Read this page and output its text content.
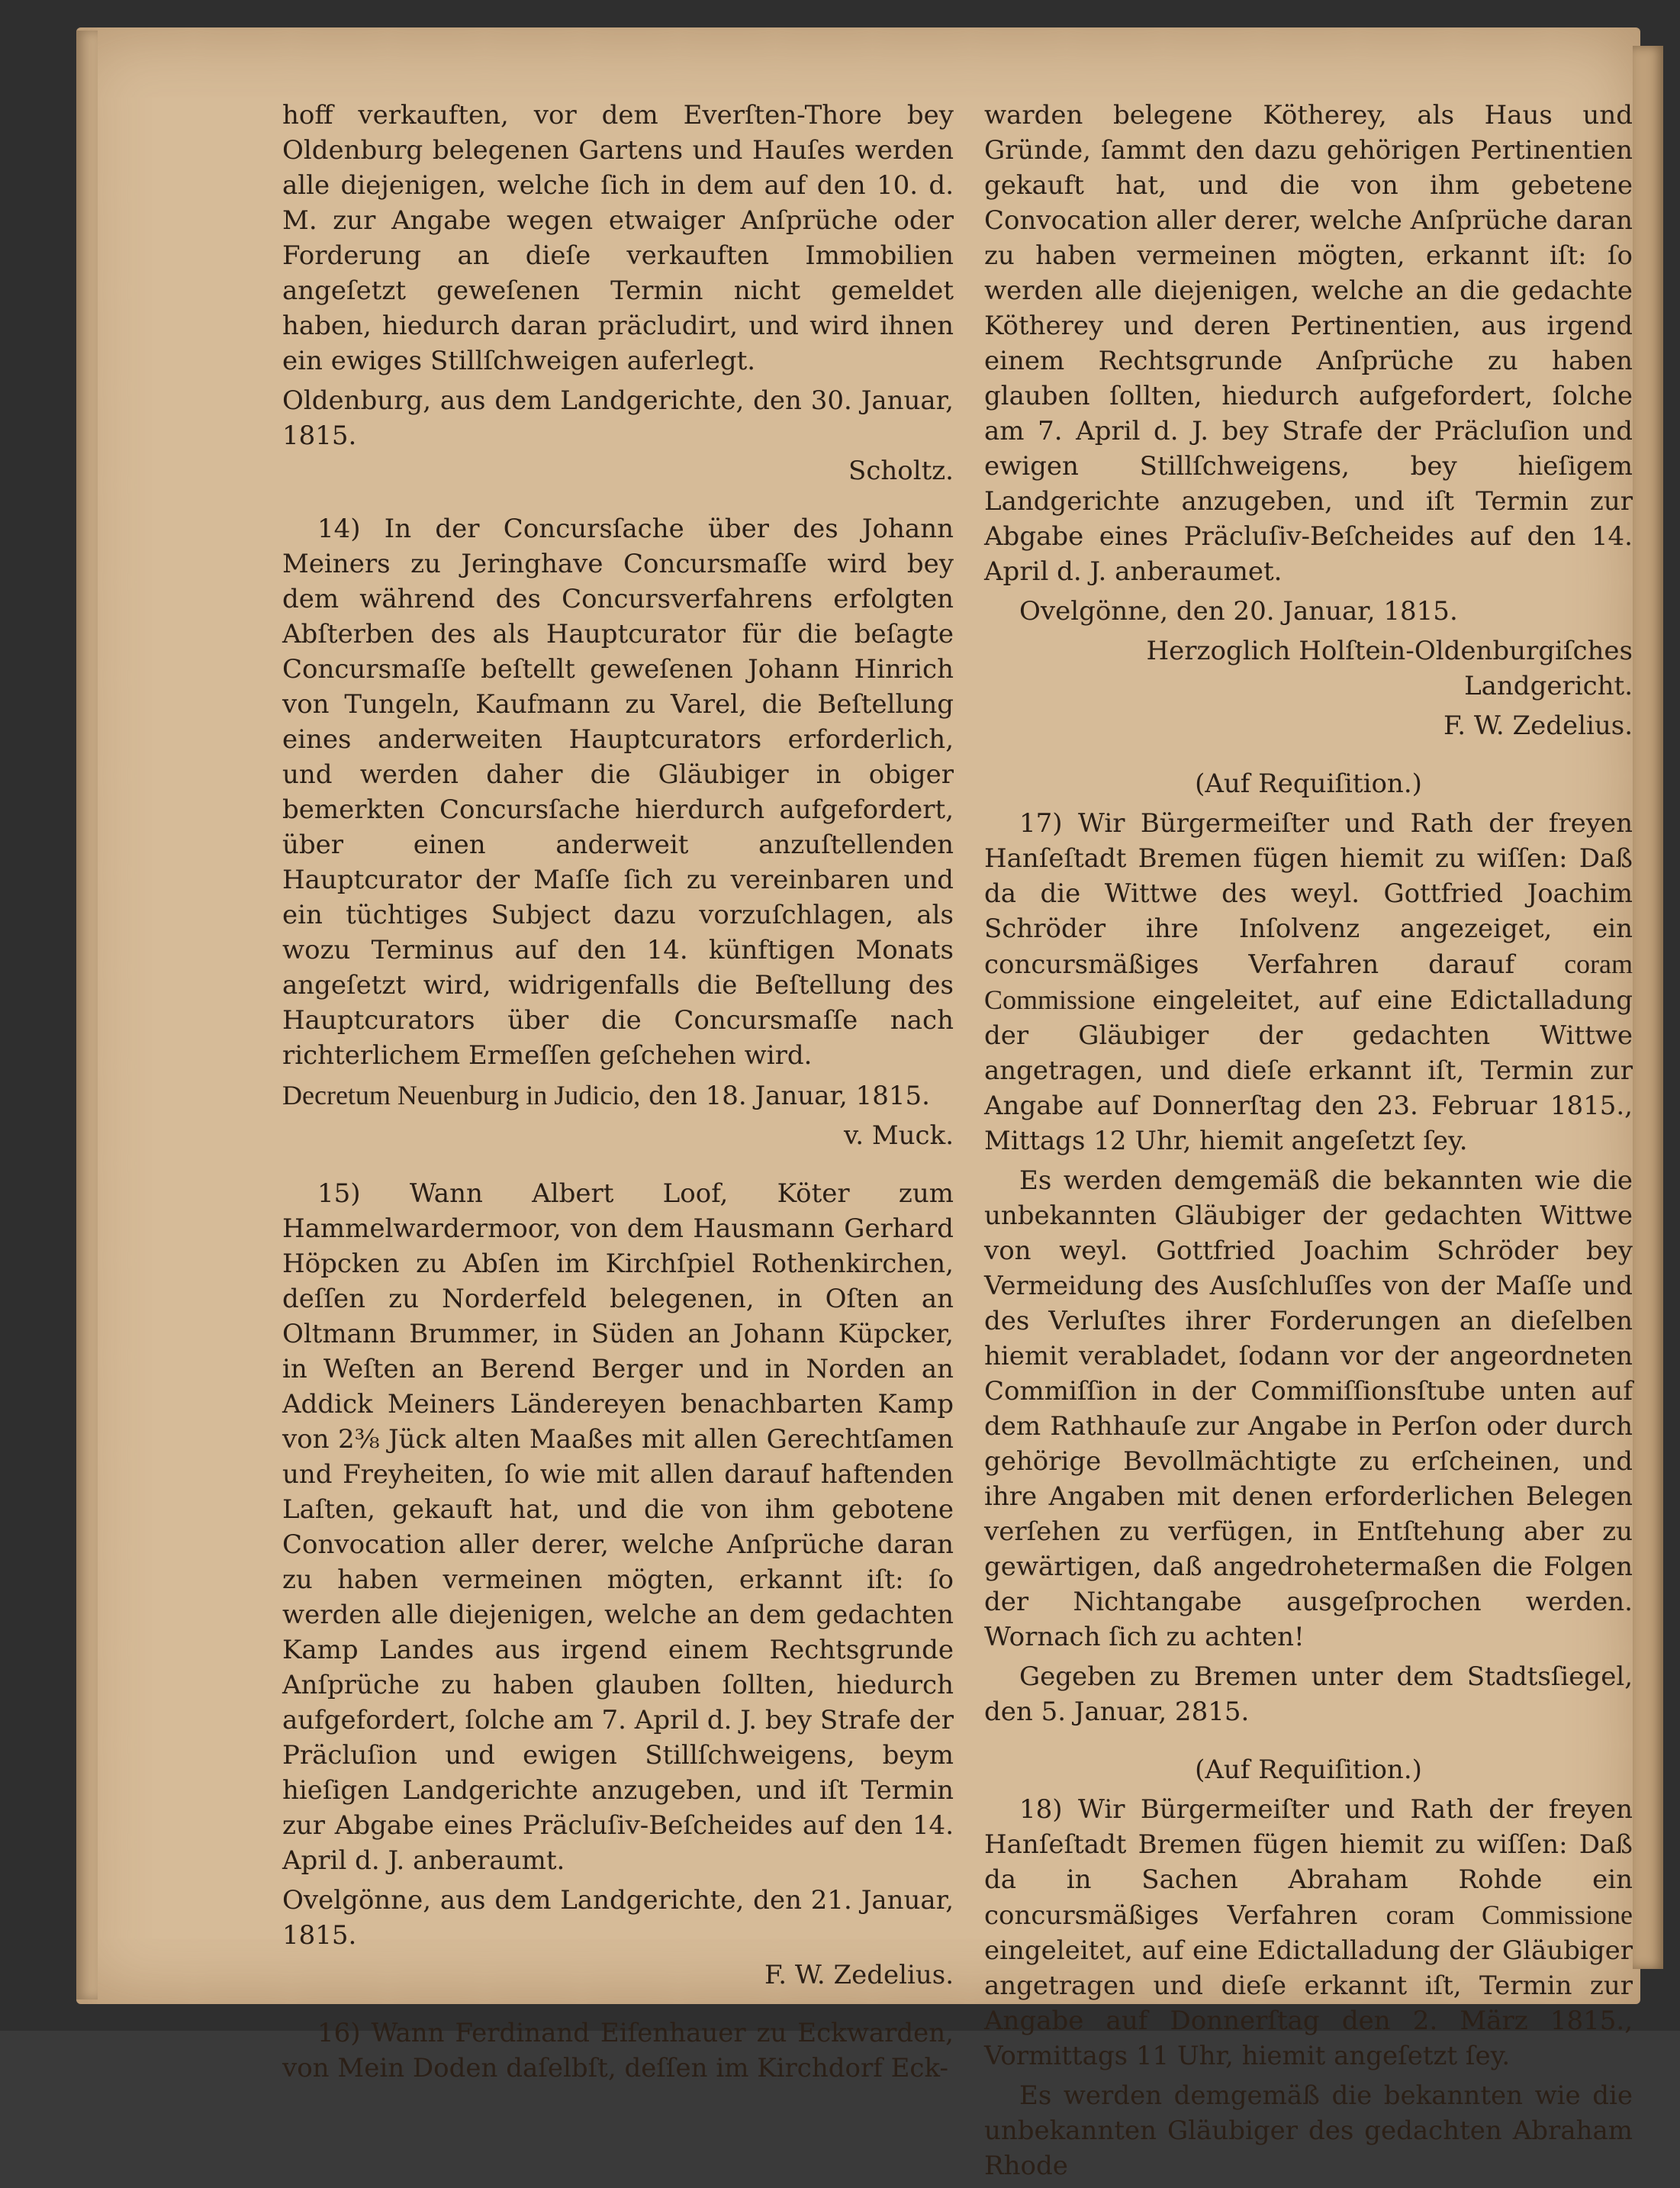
hoff verkauften, vor dem Everſten-Thore bey Oldenburg belegenen Gartens und Hauſes werden alle diejenigen, welche ſich in dem auf den 10. d. M. zur Angabe wegen etwaiger Anſprüche oder Forderung an dieſe verkauften Immobilien angeſetzt geweſenen Termin nicht gemeldet haben, hiedurch daran präcludirt, und wird ihnen ein ewiges Stillſchweigen auferlegt.

Oldenburg, aus dem Landgerichte, den 30. Januar, 1815.

Scholtz.

14) In der Concursſache über des Johann Meiners zu Jeringhave Concursmaſſe wird bey dem während des Concursverfahrens erfolgten Abſterben des als Hauptcurator für die beſagte Concursmaſſe beſtellt geweſenen Johann Hinrich von Tungeln, Kaufmann zu Varel, die Beſtellung eines anderweiten Hauptcurators erforderlich, und werden daher die Gläubiger in obiger bemerkten Concursſache hierdurch aufgefordert, über einen anderweit anzuſtellenden Hauptcurator der Maſſe ſich zu vereinbaren und ein tüchtiges Subject dazu vorzuſchlagen, als wozu Terminus auf den 14. künftigen Monats angeſetzt wird, widrigenfalls die Beſtellung des Hauptcurators über die Concursmaſſe nach richterlichem Ermeſſen geſchehen wird.

Decretum Neuenburg in Judicio, den 18. Januar, 1815.

v. Muck.

15) Wann Albert Loof, Köter zum Hammelwardermoor, von dem Hausmann Gerhard Höpcken zu Abſen im Kirchſpiel Rothenkirchen, deſſen zu Norderfeld belegenen, in Oſten an Oltmann Brummer, in Süden an Johann Küpcker, in Weſten an Berend Berger und in Norden an Addick Meiners Ländereyen benachbarten Kamp von 2⅜ Jück alten Maaßes mit allen Gerechtſamen und Freyheiten, ſo wie mit allen darauf haftenden Laſten, gekauft hat, und die von ihm gebotene Convocation aller derer, welche Anſprüche daran zu haben vermeinen mögten, erkannt iſt: ſo werden alle diejenigen, welche an dem gedachten Kamp Landes aus irgend einem Rechtsgrunde Anſprüche zu haben glauben ſollten, hiedurch aufgefordert, ſolche am 7. April d. J. bey Strafe der Präcluſion und ewigen Stillſchweigens, beym hieſigen Landgerichte anzugeben, und iſt Termin zur Abgabe eines Präcluſiv-Beſcheides auf den 14. April d. J. anberaumt.

Ovelgönne, aus dem Landgerichte, den 21. Januar, 1815.

F. W. Zedelius.

16) Wann Ferdinand Eiſenhauer zu Eckwarden, von Mein Doden daſelbſt, deſſen im Kirchdorf Eck-

warden belegene Kötherey, als Haus und Gründe, ſammt den dazu gehörigen Pertinentien gekauft hat, und die von ihm gebetene Convocation aller derer, welche Anſprüche daran zu haben vermeinen mögten, erkannt iſt: ſo werden alle diejenigen, welche an die gedachte Kötherey und deren Pertinentien, aus irgend einem Rechtsgrunde Anſprüche zu haben glauben ſollten, hiedurch aufgefordert, ſolche am 7. April d. J. bey Strafe der Präcluſion und ewigen Stillſchweigens, bey hieſigem Landgerichte anzugeben, und iſt Termin zur Abgabe eines Präcluſiv-Beſcheides auf den 14. April d. J. anberaumet.

Ovelgönne, den 20. Januar, 1815.

Herzoglich Holſtein-Oldenburgiſches Landgericht.

F. W. Zedelius.

(Auf Requiſition.)

17) Wir Bürgermeiſter und Rath der freyen Hanſeſtadt Bremen fügen hiemit zu wiſſen: Daß da die Wittwe des weyl. Gottfried Joachim Schröder ihre Inſolvenz angezeiget, ein concursmäßiges Verfahren darauf coram Commissione eingeleitet, auf eine Edictalladung der Gläubiger der gedachten Wittwe angetragen, und dieſe erkannt iſt, Termin zur Angabe auf Donnerſtag den 23. Februar 1815., Mittags 12 Uhr, hiemit angeſetzt ſey.

Es werden demgemäß die bekannten wie die unbekannten Gläubiger der gedachten Wittwe von weyl. Gottfried Joachim Schröder bey Vermeidung des Ausſchluſſes von der Maſſe und des Verluſtes ihrer Forderungen an dieſelben hiemit verabladet, ſodann vor der angeordneten Commiſſion in der Commiſſionsſtube unten auf dem Rathhauſe zur Angabe in Perſon oder durch gehörige Bevollmächtigte zu erſcheinen, und ihre Angaben mit denen erforderlichen Belegen verſehen zu verfügen, in Entſtehung aber zu gewärtigen, daß angedrohetermaßen die Folgen der Nichtangabe ausgeſprochen werden. Wornach ſich zu achten!

Gegeben zu Bremen unter dem Stadtsſiegel, den 5. Januar, 2815.

(Auf Requiſition.)

18) Wir Bürgermeiſter und Rath der freyen Hanſeſtadt Bremen fügen hiemit zu wiſſen: Daß da in Sachen Abraham Rohde ein concursmäßiges Verfahren coram Commissione eingeleitet, auf eine Edictalladung der Gläubiger angetragen und dieſe erkannt iſt, Termin zur Angabe auf Donnerſtag den 2. März 1815., Vormittags 11 Uhr, hiemit angeſetzt ſey.

Es werden demgemäß die bekannten wie die unbekannten Gläubiger des gedachten Abraham Rhode
